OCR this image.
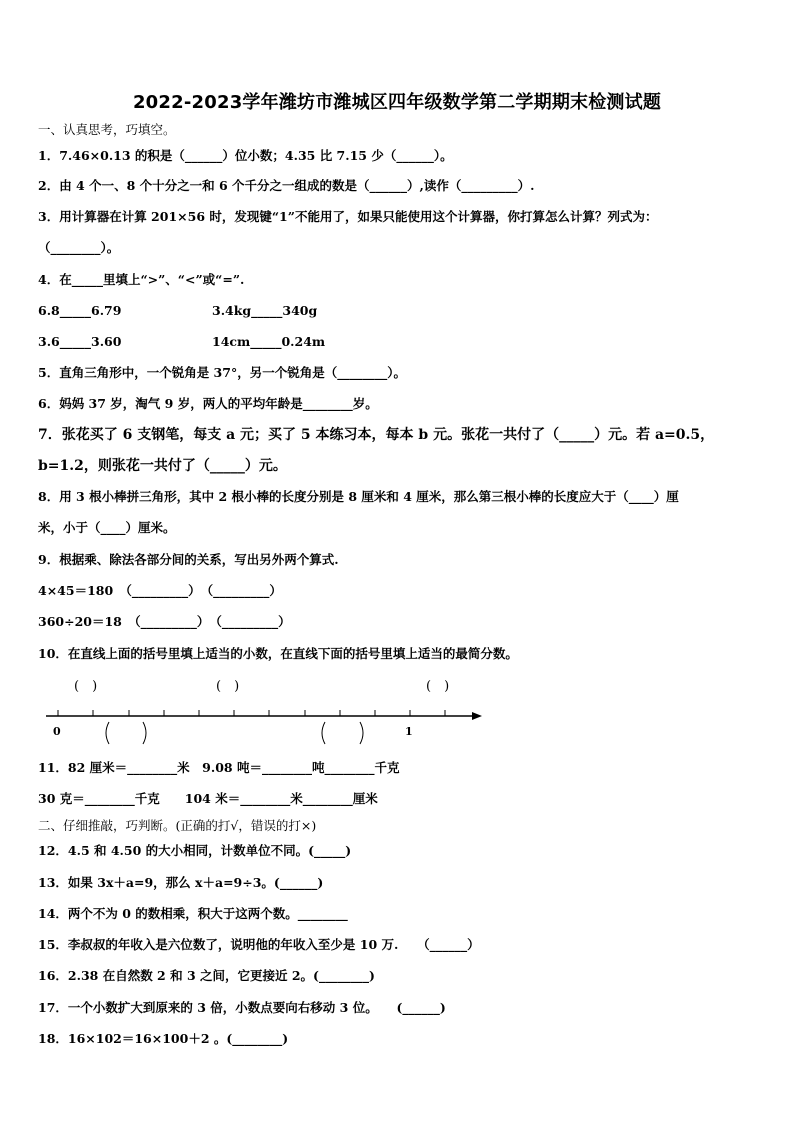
2022-2023学年潍坊市潍城区四年级数学第二学期期末检测试题
一、认真思考，巧填空。
1．7.46×0.13 的积是（______）位小数；4.35 比 7.15 少（______）。
2．由 4 个一、8 个十分之一和 6 个千分之一组成的数是（______）,读作（_________）.
3．用计算器在计算 201×56 时，发现键“1”不能用了，如果只能使用这个计算器，你打算怎么计算？列式为：
（________）。
4．在_____里填上“>”、“<”或“=”.
6.8_____6.79	3.4kg_____340g
3.6_____3.60	14cm_____0.24m
5．直角三角形中，一个锐角是 37°，另一个锐角是（________）。
6．妈妈 37 岁，淘气 9 岁，两人的平均年龄是________岁。
7．张花买了 6 支钢笔，每支 a 元；买了 5 本练习本，每本 b 元。张花一共付了（_____）元。若 a=0.5，
b=1.2，则张花一共付了（_____）元。
8．用 3 根小棒拼三角形，其中 2 根小棒的长度分别是 8 厘米和 4 厘米，那么第三根小棒的长度应大于（____）厘
米，小于（____）厘米。
9．根据乘、除法各部分间的关系，写出另外两个算式.
4×45＝180　（_________）　（_________）
360÷20＝18　（_________）　（_________）
10．在直线上面的括号里填上适当的小数，在直线下面的括号里填上适当的最简分数。
(　)	(　)	(　)
0	1
11．82 厘米＝________米　9.08 吨＝________吨________千克
30 克＝________千克　　104 米＝________米________厘米
二、仔细推敲，巧判断。(正确的打√，错误的打×)
12．4.5 和 4.50 的大小相同，计数单位不同。(_____)
13．如果 3x＋a=9，那么 x＋a=9÷3。(______)
14．两个不为 0 的数相乘，积大于这两个数。________
15．李叔叔的年收入是六位数了，说明他的年收入至少是 10 万.　　（______）
16．2.38 在自然数 2 和 3 之间，它更接近 2。(________)
17．一个小数扩大到原来的 3 倍，小数点要向右移动 3 位。　　(______)
18．16×102＝16×100＋2 。(________)
